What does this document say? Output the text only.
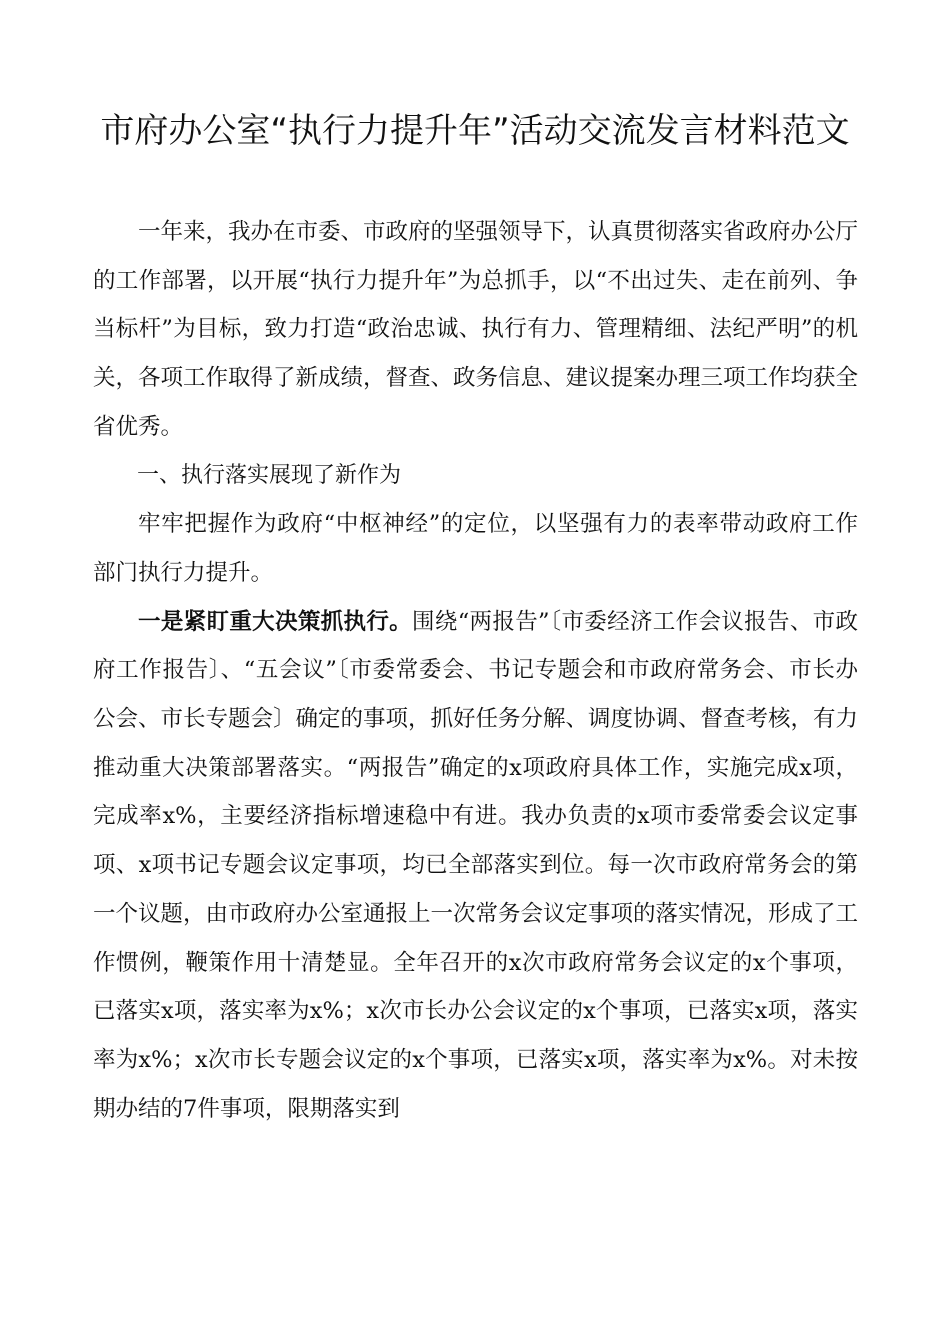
市府办公室“执行力提升年”活动交流发言材料范文

一年来，我办在市委、市政府的坚强领导下，认真贯彻落实省政府办公厅的工作部署，以开展“执行力提升年”为总抓手，以“不出过失、走在前列、争当标杆”为目标，致力打造“政治忠诚、执行有力、管理精细、法纪严明”的机关，各项工作取得了新成绩，督查、政务信息、建议提案办理三项工作均获全省优秀。

一、执行落实展现了新作为

牢牢把握作为政府“中枢神经”的定位，以坚强有力的表率带动政府工作部门执行力提升。

一是紧盯重大决策抓执行。围绕“两报告”〔市委经济工作会议报告、市政府工作报告〕、“五会议”〔市委常委会、书记专题会和市政府常务会、市长办公会、市长专题会〕确定的事项，抓好任务分解、调度协调、督查考核，有力推动重大决策部署落实。“两报告”确定的x项政府具体工作，实施完成x项，完成率x%，主要经济指标增速稳中有进。我办负责的x项市委常委会议定事项、x项书记专题会议定事项，均已全部落实到位。每一次市政府常务会的第一个议题，由市政府办公室通报上一次常务会议定事项的落实情况，形成了工作惯例，鞭策作用十清楚显。全年召开的x次市政府常务会议定的x个事项，已落实x项，落实率为x%；x次市长办公会议定的x个事项，已落实x项，落实率为x%；x次市长专题会议定的x个事项，已落实x项，落实率为x%。对未按期办结的7件事项，限期落实到
